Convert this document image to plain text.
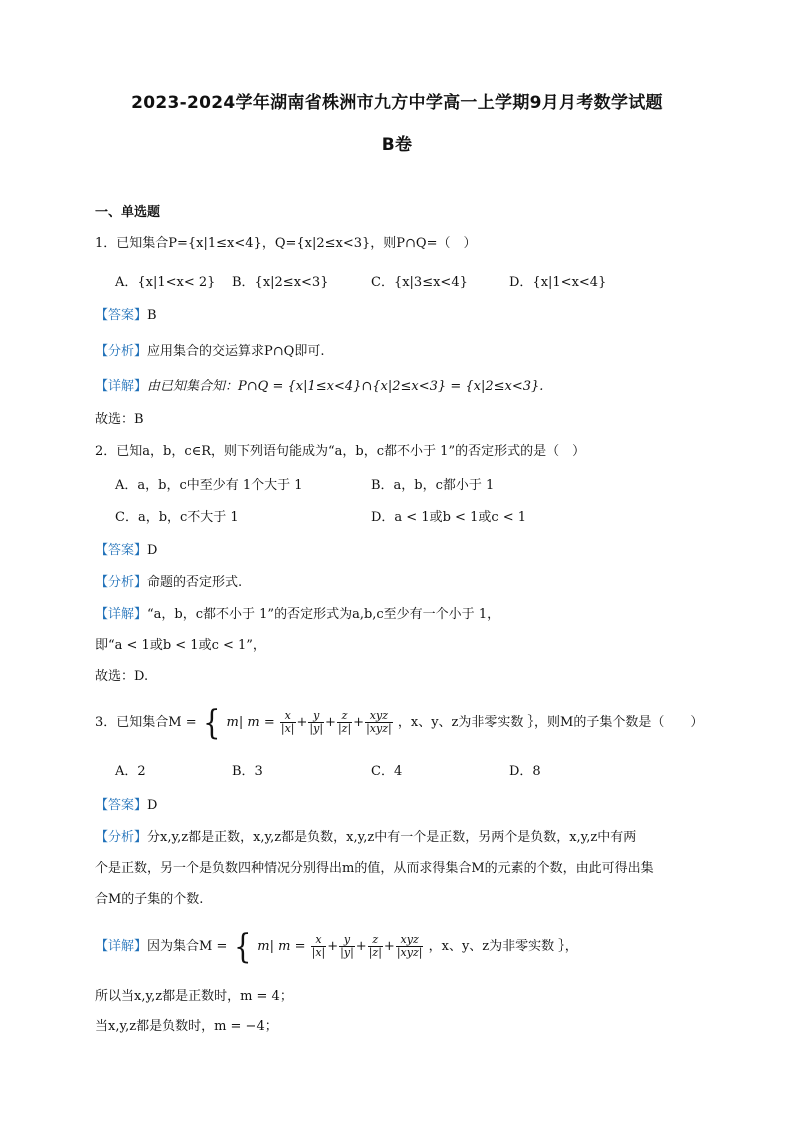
2023-2024学年湖南省株洲市九方中学高一上学期9月月考数学试题
B卷
一、单选题
1．已知集合P={x|1≤x<4}，Q={x|2≤x<3}，则P∩Q=（　）
A．{x|1<x< 2} B．{x|2≤x<3}	C．{x|3≤x<4}	D．{x|1<x<4}
【答案】B
【分析】应用集合的交运算求P∩Q即可.
【详解】由已知集合知：P∩Q = {x|1≤x<4}∩{x|2≤x<3} = {x|2≤x<3}.
故选：B
2．已知a，b，c∈R，则下列语句能成为“a，b，c都不小于 1”的否定形式的是（　）
A．a，b，c中至少有 1个大于 1	B．a，b，c都小于 1
C．a，b，c不大于 1	D．a < 1或b < 1或c < 1
【答案】D
【分析】命题的否定形式.
【详解】“a，b，c都不小于 1”的否定形式为a,b,c至少有一个小于 1，
即“a < 1或b < 1或c < 1”，
故选：D.
3．已知集合M = { m| $m = \frac{x}{|x|} + \frac{y}{|y|} + \frac{z}{|z|} + \frac{\text{xyz}}{\text{|xyz|}}$ ，x、y、z为非零实数 ｝，则M的子集个数是（　　）
A．2	B．3	C．4	D．8
【答案】D
【分析】分x,y,z都是正数，x,y,z都是负数，x,y,z中有一个是正数，另两个是负数，x,y,z中有两
个是正数，另一个是负数四种情况分别得出m的值，从而求得集合M的元素的个数，由此可得出集
合M的子集的个数.
【详解】因为集合M = { m| $m = \frac{x}{|x|} + \frac{y}{|y|} + \frac{z}{|z|} + \frac{\text{xyz}}{\text{|xyz|}}$ ，x、y、z为非零实数 ｝，
所以当x,y,z都是正数时，m = 4；
当x,y,z都是负数时，m = −4；
